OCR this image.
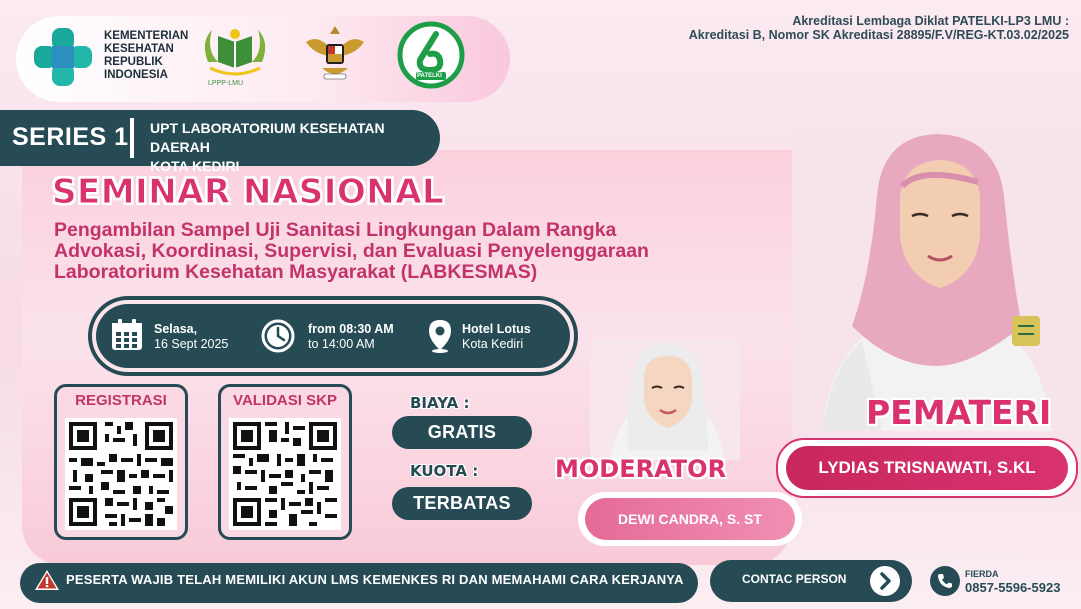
KEMENTERIAN
KESEHATAN
REPUBLIK
INDONESIA
LPPP-LMU
PATELKI
Akreditasi Lembaga Diklat PATELKI-LP3 LMU :
Akreditasi B, Nomor SK Akreditasi 28895/F.V/REG-KT.03.02/2025
SERIES 1 UPT LABORATORIUM KESEHATAN DAERAH
KOTA KEDIRI
SEMINAR NASIONAL
Pengambilan Sampel Uji Sanitasi Lingkungan Dalam Rangka
Advokasi, Koordinasi, Supervisi, dan Evaluasi Penyelenggaraan
Laboratorium Kesehatan Masyarakat (LABKESMAS)
Selasa,
16 Sept 2025
from 08:30 AM
to 14:00 AM
Hotel Lotus
Kota Kediri
REGISTRASI	VALIDASI SKP	BIAYA :
GRATIS
KUOTA :
TERBATAS
MODERATOR
DEWI CANDRA, S. ST
PEMATERI
LYDIAS TRISNAWATI, S.KL
PESERTA WAJIB TELAH MEMILIKI AKUN LMS KEMENKES RI DAN MEMAHAMI CARA KERJANYA	CONTAC PERSON	FIERDA
0857-5596-5923
